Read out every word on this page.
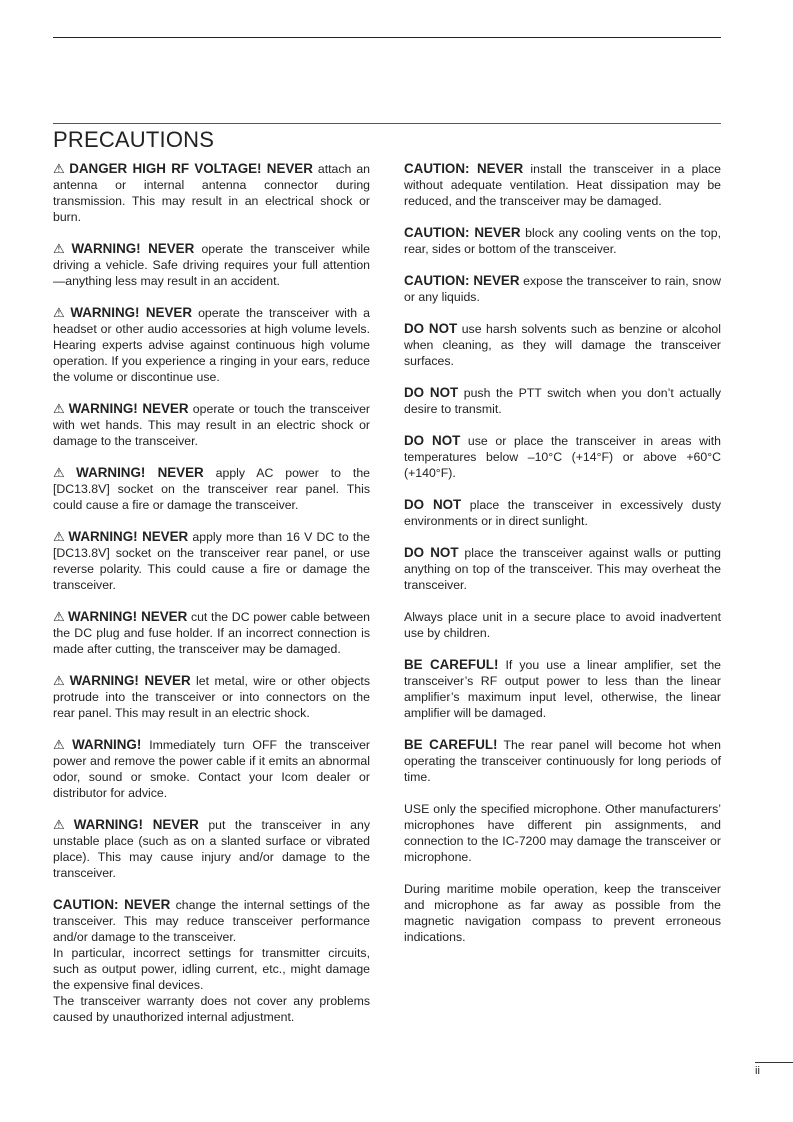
PRECAUTIONS

⚠ DANGER HIGH RF VOLTAGE! NEVER attach an antenna or internal antenna connector during transmission. This may result in an electrical shock or burn.

⚠ WARNING! NEVER operate the transceiver while driving a vehicle. Safe driving requires your full attention—anything less may result in an accident.

⚠ WARNING! NEVER operate the transceiver with a headset or other audio accessories at high volume levels. Hearing experts advise against continuous high volume operation. If you experience a ringing in your ears, reduce the volume or discontinue use.

⚠ WARNING! NEVER operate or touch the transceiver with wet hands. This may result in an electric shock or damage to the transceiver.

⚠ WARNING! NEVER apply AC power to the [DC13.8V] socket on the transceiver rear panel. This could cause a fire or damage the transceiver.

⚠ WARNING! NEVER apply more than 16 V DC to the [DC13.8V] socket on the transceiver rear panel, or use reverse polarity. This could cause a fire or damage the transceiver.

⚠ WARNING! NEVER cut the DC power cable between the DC plug and fuse holder. If an incorrect connection is made after cutting, the transceiver may be damaged.

⚠ WARNING! NEVER let metal, wire or other objects protrude into the transceiver or into connectors on the rear panel. This may result in an electric shock.

⚠ WARNING! Immediately turn OFF the transceiver power and remove the power cable if it emits an abnormal odor, sound or smoke. Contact your Icom dealer or distributor for advice.

⚠ WARNING! NEVER put the transceiver in any unstable place (such as on a slanted surface or vibrated place). This may cause injury and/or damage to the transceiver.

CAUTION: NEVER change the internal settings of the transceiver. This may reduce transceiver performance and/or damage to the transceiver.

In particular, incorrect settings for transmitter circuits, such as output power, idling current, etc., might damage the expensive final devices.

The transceiver warranty does not cover any problems caused by unauthorized internal adjustment.

CAUTION: NEVER install the transceiver in a place without adequate ventilation. Heat dissipation may be reduced, and the transceiver may be damaged.

CAUTION: NEVER block any cooling vents on the top, rear, sides or bottom of the transceiver.

CAUTION: NEVER expose the transceiver to rain, snow or any liquids.

DO NOT use harsh solvents such as benzine or alcohol when cleaning, as they will damage the transceiver surfaces.

DO NOT push the PTT switch when you don’t actually desire to transmit.

DO NOT use or place the transceiver in areas with temperatures below –10°C (+14°F) or above +60°C (+140°F).

DO NOT place the transceiver in excessively dusty environments or in direct sunlight.

DO NOT place the transceiver against walls or putting anything on top of the transceiver. This may overheat the transceiver.

Always place unit in a secure place to avoid inadvertent use by children.

BE CAREFUL! If you use a linear amplifier, set the transceiver’s RF output power to less than the linear amplifier’s maximum input level, otherwise, the linear amplifier will be damaged.

BE CAREFUL! The rear panel will become hot when operating the transceiver continuously for long periods of time.

USE only the specified microphone. Other manufacturers’ microphones have different pin assignments, and connection to the IC-7200 may damage the transceiver or microphone.

During maritime mobile operation, keep the transceiver and microphone as far away as possible from the magnetic navigation compass to prevent erroneous indications.

ii
